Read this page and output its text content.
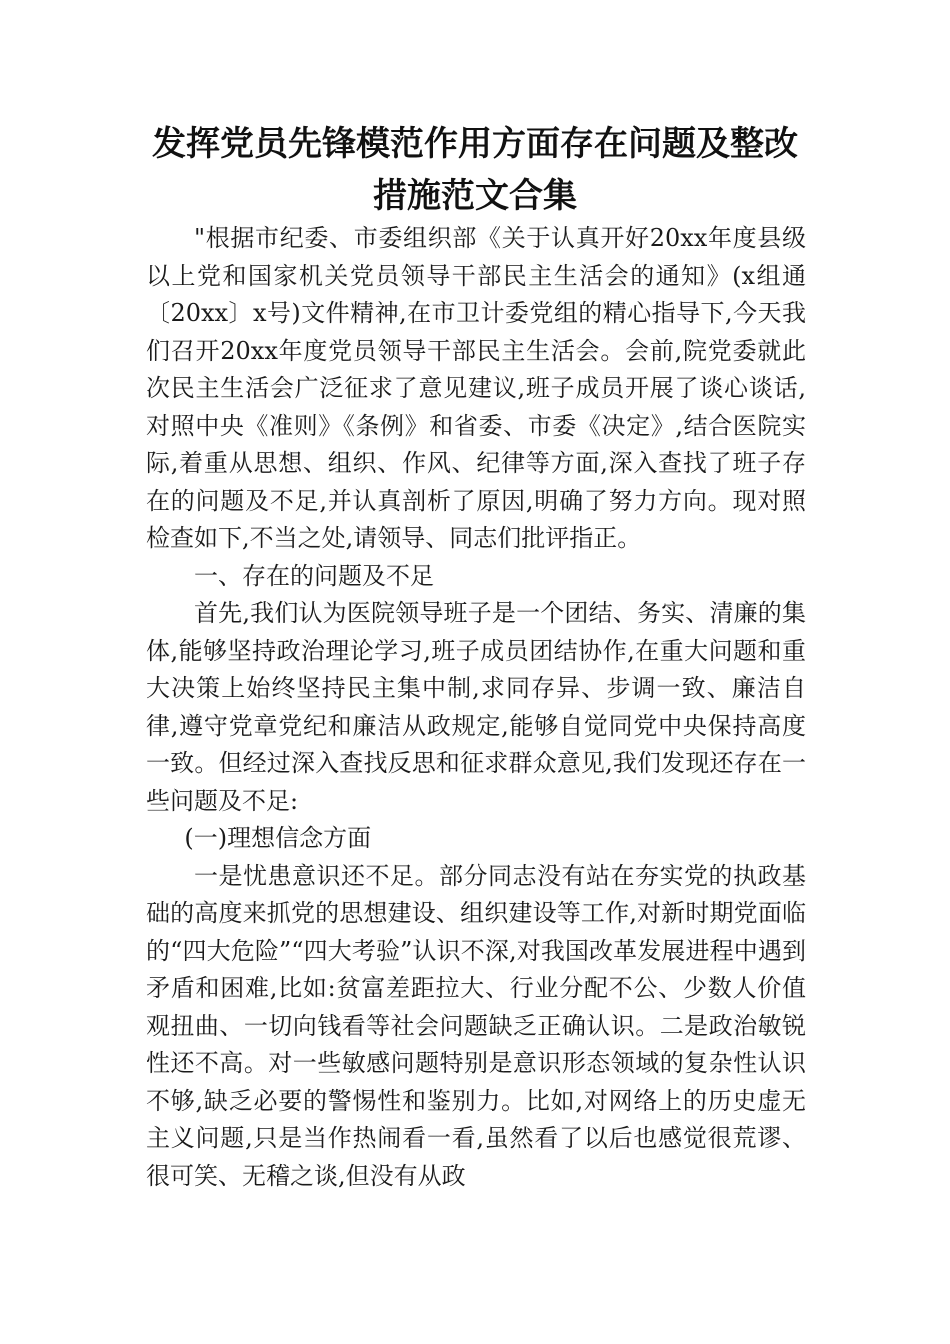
发挥党员先锋模范作用方面存在问题及整改
措施范文合集

"根据市纪委、市委组织部《关于认真开好20xx年度县级以上党和国家机关党员领导干部民主生活会的通知》(x组通〔20xx〕x号)文件精神,在市卫计委党组的精心指导下,今天我们召开20xx年度党员领导干部民主生活会。会前,院党委就此次民主生活会广泛征求了意见建议,班子成员开展了谈心谈话,对照中央《准则》《条例》和省委、市委《决定》,结合医院实际,着重从思想、组织、作风、纪律等方面,深入查找了班子存在的问题及不足,并认真剖析了原因,明确了努力方向。现对照检查如下,不当之处,请领导、同志们批评指正。

一、存在的问题及不足

首先,我们认为医院领导班子是一个团结、务实、清廉的集体,能够坚持政治理论学习,班子成员团结协作,在重大问题和重大决策上始终坚持民主集中制,求同存异、步调一致、廉洁自律,遵守党章党纪和廉洁从政规定,能够自觉同党中央保持高度一致。但经过深入查找反思和征求群众意见,我们发现还存在一些问题及不足:

(一)理想信念方面

一是忧患意识还不足。部分同志没有站在夯实党的执政基础的高度来抓党的思想建设、组织建设等工作,对新时期党面临的“四大危险”“四大考验”认识不深,对我国改革发展进程中遇到矛盾和困难,比如:贫富差距拉大、行业分配不公、少数人价值观扭曲、一切向钱看等社会问题缺乏正确认识。二是政治敏锐性还不高。对一些敏感问题特别是意识形态领域的复杂性认识不够,缺乏必要的警惕性和鉴别力。比如,对网络上的历史虚无主义问题,只是当作热闹看一看,虽然看了以后也感觉很荒谬、很可笑、无稽之谈,但没有从政
